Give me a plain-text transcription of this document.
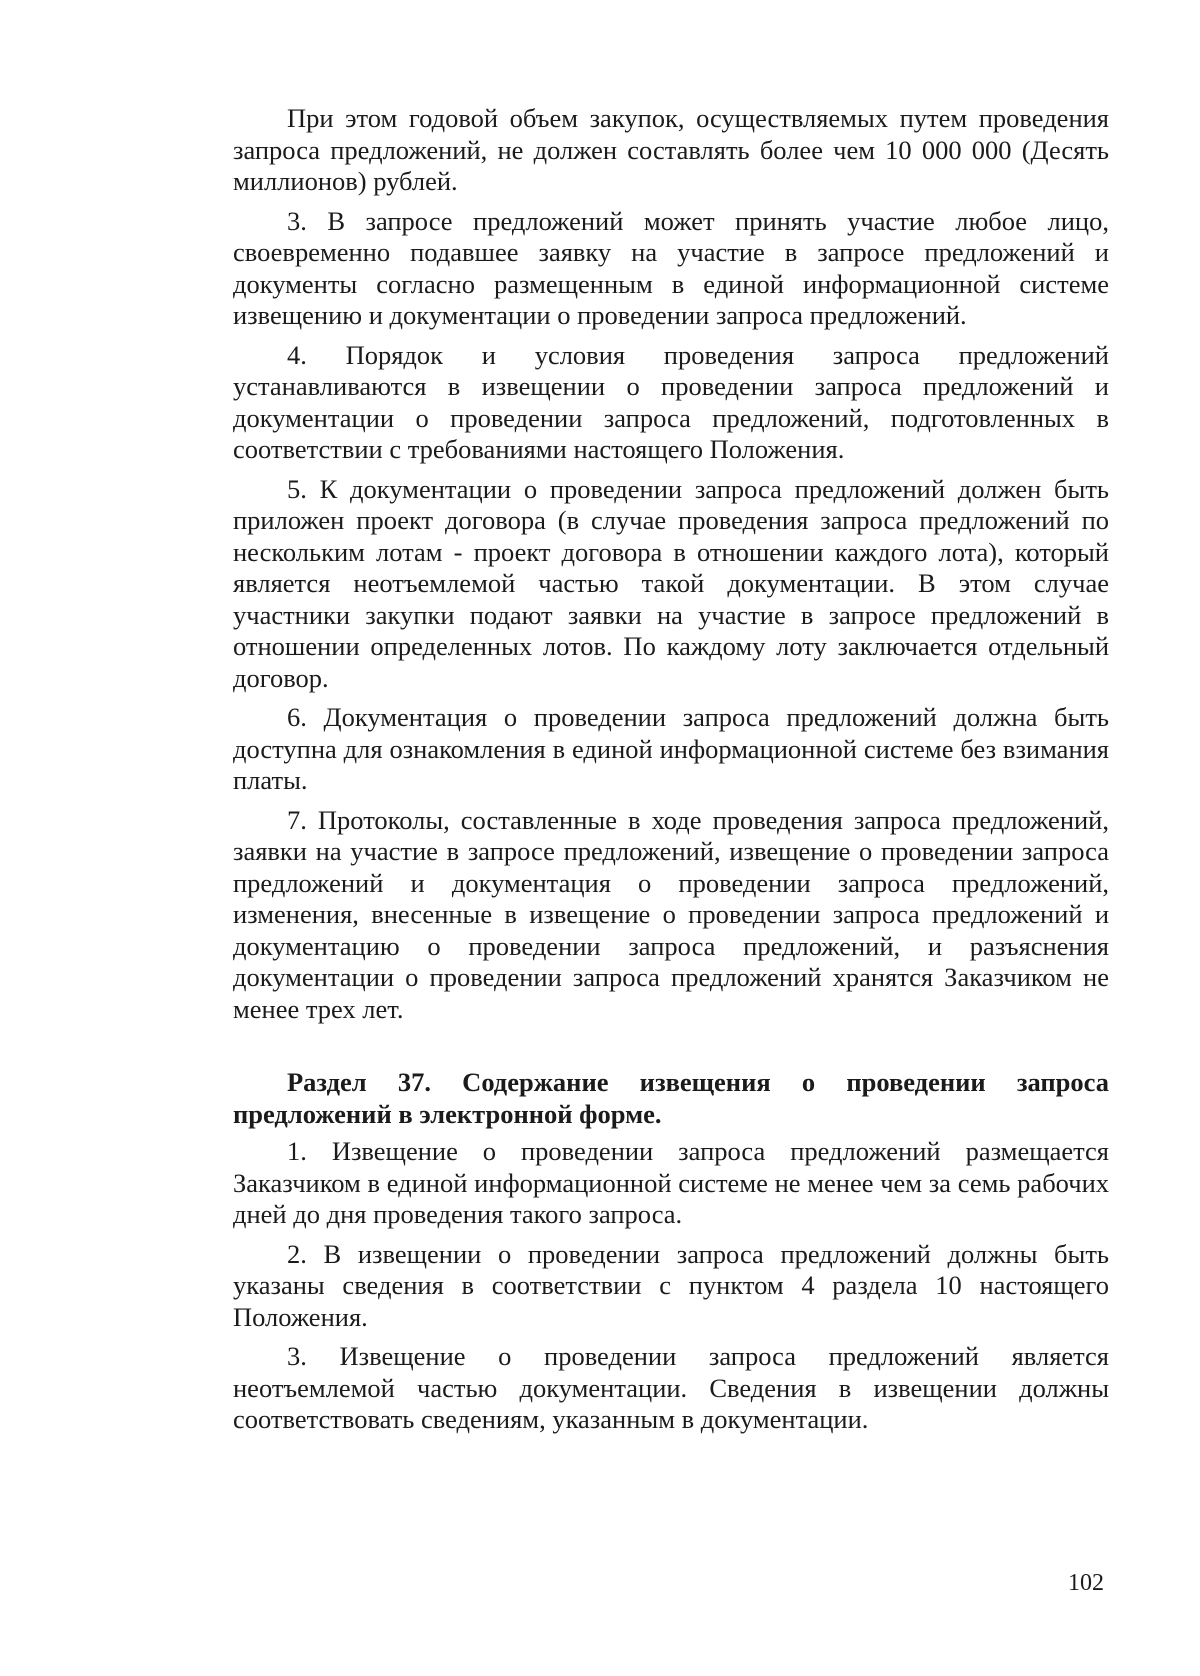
При этом годовой объем закупок, осуществляемых путем проведения запроса предложений, не должен составлять более чем 10 000 000 (Десять миллионов) рублей.

3. В запросе предложений может принять участие любое лицо, своевременно подавшее заявку на участие в запросе предложений и документы согласно размещенным в единой информационной системе извещению и документации о проведении запроса предложений.

4. Порядок и условия проведения запроса предложений устанавливаются в извещении о проведении запроса предложений и документации о проведении запроса предложений, подготовленных в соответствии с требованиями настоящего Положения.

5. К документации о проведении запроса предложений должен быть приложен проект договора (в случае проведения запроса предложений по нескольким лотам - проект договора в отношении каждого лота), который является неотъемлемой частью такой документации. В этом случае участники закупки подают заявки на участие в запросе предложений в отношении определенных лотов. По каждому лоту заключается отдельный договор.

6. Документация о проведении запроса предложений должна быть доступна для ознакомления в единой информационной системе без взимания платы.

7. Протоколы, составленные в ходе проведения запроса предложений, заявки на участие в запросе предложений, извещение о проведении запроса предложений и документация о проведении запроса предложений, изменения, внесенные в извещение о проведении запроса предложений и документацию о проведении запроса предложений, и разъяснения документации о проведении запроса предложений хранятся Заказчиком не менее трех лет.

Раздел 37. Содержание извещения о проведении запроса предложений в электронной форме.

1. Извещение о проведении запроса предложений размещается Заказчиком в единой информационной системе не менее чем за семь рабочих дней до дня проведения такого запроса.

2. В извещении о проведении запроса предложений должны быть указаны сведения в соответствии с пунктом 4 раздела 10 настоящего Положения.

3. Извещение о проведении запроса предложений является неотъемлемой частью документации. Сведения в извещении должны соответствовать сведениям, указанным в документации.

102
